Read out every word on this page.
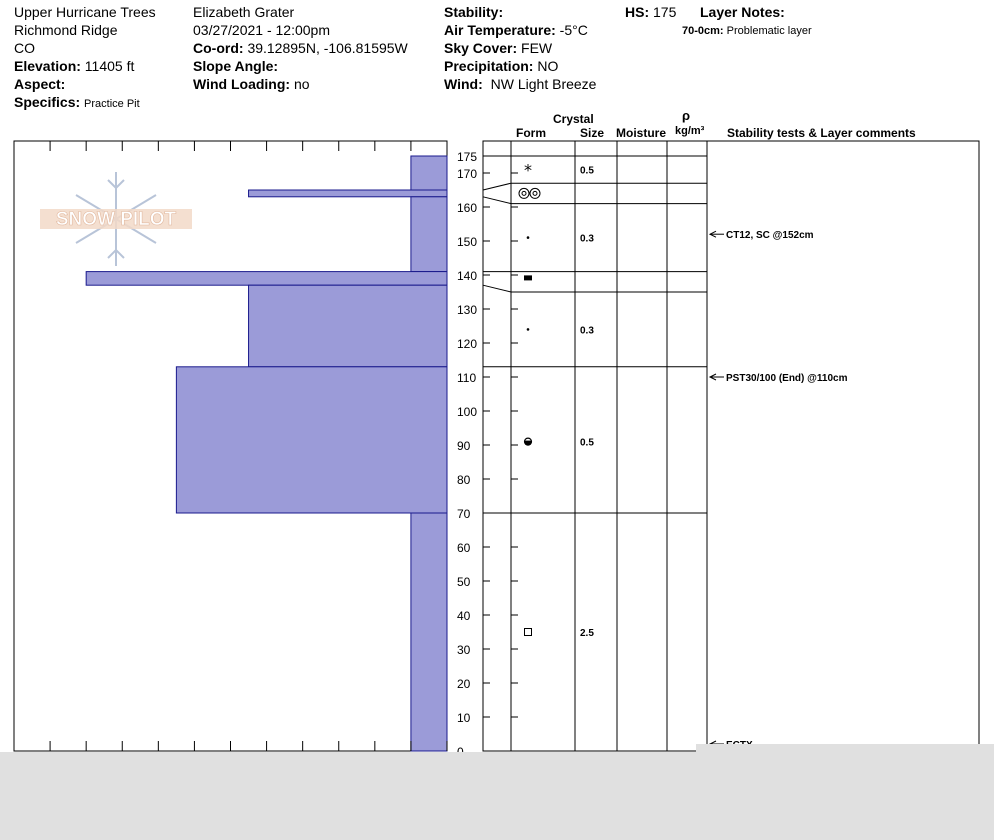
Upper Hurricane Trees
Richmond Ridge
CO
Elevation: 11405 ft
Aspect:
Specifics: Practice Pit
Elizabeth Grater
03/27/2021 - 12:00pm
Co-ord: 39.12895N, -106.81595W
Slope Angle:
Wind Loading: no
Stability:
Air Temperature: -5°C
Sky Cover: FEW
Precipitation: NO
Wind: NW Light Breeze
HS: 175 Layer Notes:
70-0cm: Problematic layer
Crystal
Form	Size Moisture
ρ
kg/m³ Stability tests & Layer comments
SNOW PILOT
10
20
30
40
50
60
70
80
90
100
110
120
130
140
150
160
170
175
*	0.5
0.3
0.3
0.5
2.5
CT12, SC @152cm
PST30/100 (End) @110cm
